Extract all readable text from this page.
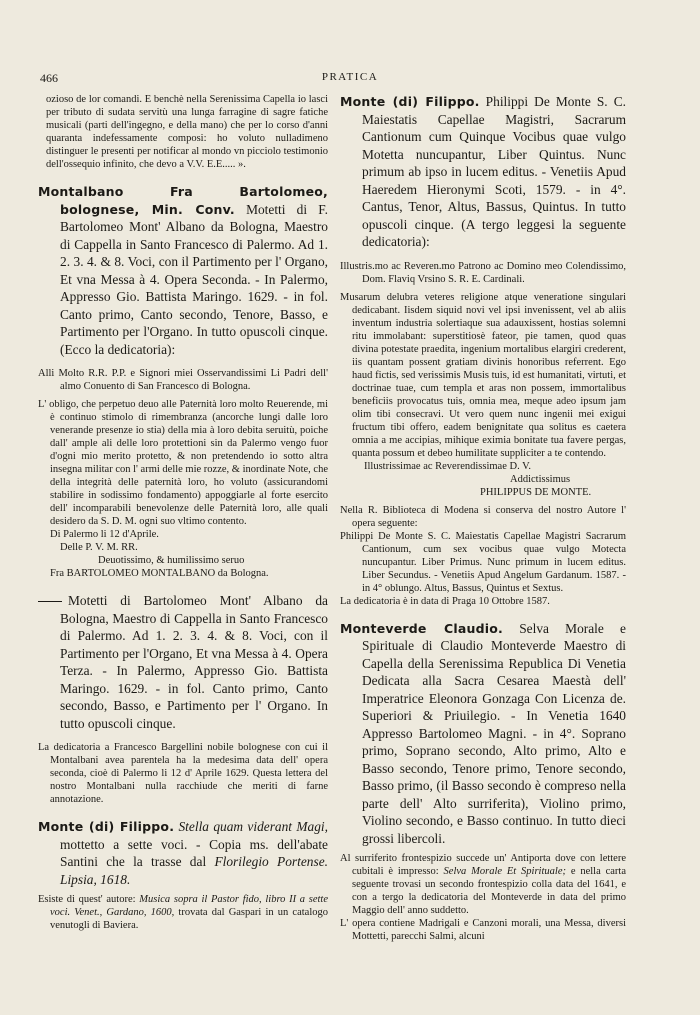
466	PRATICA

ozioso de lor comandi. E benchè nella Serenissima Capella io lasci per tributo di sudata servitù una lunga farragine di sagre fatiche musicali (parti dell'ingegno, e della mano) che per lo corso d'anni quaranta indefessamente composi: ho voluto nulladimeno distinguer le presenti per notificar al mondo vn picciolo testimonio dell'ossequio infinito, che devo a V.V. E.E..... ».

Montalbano Fra Bartolomeo, bolognese, Min. Conv. Motetti di F. Bartolomeo Mont' Albano da Bologna, Maestro di Cappella in Santo Francesco di Palermo. Ad 1. 2. 3. 4. & 8. Voci, con il Partimento per l' Organo, Et vna Messa à 4. Opera Seconda. - In Palermo, Appresso Gio. Battista Maringo. 1629. - in fol. Canto primo, Canto secondo, Tenore, Basso, e Partimento per l'Organo. In tutto opuscoli cinque. (Ecco la dedicatoria):

Alli Molto R.R. P.P. e Signori miei Osservandissimi Li Padri dell' almo Conuento di San Francesco di Bologna.

L' obligo, che perpetuo deuo alle Paternità loro molto Reuerende, mi è continuo stimolo di rimembranza (ancorche lungi dalle loro venerande presenze io stia) della mia à loro debita seruitù, poiche dall' ample ali delle loro protettioni sin da Palermo vengo fuor d'ogni mio merito protetto, & non pretendendo io sotto altra insegna militar con l' armi delle mie rozze, & inordinate Note, che della integrità delle paternità loro, ho voluto (assicurandomi stabilire in sodissimo fondamento) appoggiarle al forte esercito dell' incomparabili benevolenze delle Paternità loro, alle quali desidero da S. D. M. ogni suo vltimo contento.

Di Palermo li 12 d'Aprile.

Delle P. V. M. RR.

Deuotissimo, & humilissimo seruo

Fra BARTOLOMEO MONTALBANO da Bologna.

Motetti di Bartolomeo Mont' Albano da Bologna, Maestro di Cappella in Santo Francesco di Palermo. Ad 1. 2. 3. 4. & 8. Voci, con il Partimento per l'Organo, Et vna Messa à 4. Opera Terza. - In Palermo, Appresso Gio. Battista Maringo. 1629. - in fol. Canto primo, Canto secondo, Basso, e Partimento per l' Organo. In tutto opuscoli cinque.

La dedicatoria a Francesco Bargellini nobile bolognese con cui il Montalbani avea parentela ha la medesima data dell' opera seconda, cioè di Palermo li 12 d' Aprile 1629. Questa lettera del nostro Montalbani nulla racchiude che meriti di farne annotazione.

Monte (di) Filippo. Stella quam viderant Magi, mottetto a sette voci. - Copia ms. dell'abate Santini che la trasse dal Florilegio Portense. Lipsia, 1618.

Esiste di quest' autore: Musica sopra il Pastor fido, libro II a sette voci. Venet., Gardano, 1600, trovata dal Gaspari in un catalogo venutogli di Baviera.

Monte (di) Filippo. Philippi De Monte S. C. Maiestatis Capellae Magistri, Sacrarum Cantionum cum Quinque Vocibus quae vulgo Motetta nuncupantur, Liber Quintus. Nunc primum ab ipso in lucem editus. - Venetiis Apud Haeredem Hieronymi Scoti, 1579. - in 4°. Cantus, Tenor, Altus, Bassus, Quintus. In tutto opuscoli cinque. (A tergo leggesi la seguente dedicatoria):

Illustris.mo ac Reveren.mo Patrono ac Domino meo Colendissimo, Dom. Flaviq Vrsino S. R. E. Cardinali.

Musarum delubra veteres religione atque veneratione singulari dedicabant. Iisdem siquid novi vel ipsi invenissent, vel ab aliis inventum industria solertiaque sua adauxissent, hostias solemni ritu immolabant: superstitiosè fateor, pie tamen, quod quas divina potestate praedita, ingenium mortalibus elargiri crederent, iis quantam possent gratiam divinis honoribus referrent. Ego haud fictis, sed verissimis Musis tuis, id est humanitati, virtuti, et doctrinae tuae, cum templa et aras non possem, immortalibus beneficiis provocatus tuis, omnia mea, meque adeo ipsum jam olim tibi consecravi. Ut vero quem nunc ingenii mei exigui fructum tibi offero, eadem benignitate qua solitus es caetera omnia a me accipias, mihique eximia bonitate tua favere pergas, quanta possum et debeo humilitate suppliciter a te contendo.

Illustrissimae ac Reverendissimae D. V.

Addictissimus

PHILIPPUS DE MONTE.

Nella R. Biblioteca di Modena si conserva del nostro Autore l' opera seguente:

Philippi De Monte S. C. Maiestatis Capellae Magistri Sacrarum Cantionum, cum sex vocibus quae vulgo Motecta nuncupantur. Liber Primus. Nunc primum in lucem editus. Liber Secundus. - Venetiis Apud Angelum Gardanum. 1587. - in 4° oblungo. Altus, Bassus, Quintus et Sextus.

La dedicatoria è in data di Praga 10 Ottobre 1587.

Monteverde Claudio. Selva Morale e Spirituale di Claudio Monteverde Maestro di Capella della Serenissima Republica Di Venetia Dedicata alla Sacra Cesarea Maestà dell' Imperatrice Eleonora Gonzaga Con Licenza de. Superiori & Priuilegio. - In Venetia 1640 Appresso Bartolomeo Magni. - in 4°. Soprano primo, Soprano secondo, Alto primo, Alto e Basso secondo, Tenore primo, Tenore secondo, Basso primo, (il Basso secondo è compreso nella parte dell' Alto surriferita), Violino primo, Violino secondo, e Basso continuo. In tutto dieci grossi libercoli.

Al surriferito frontespizio succede un' Antiporta dove con lettere cubitali è impresso: Selva Morale Et Spirituale; e nella carta seguente trovasi un secondo frontespizio colla data del 1641, e con a tergo la dedicatoria del Monteverde in data del primo Maggio dell' anno suddetto.

L' opera contiene Madrigali e Canzoni morali, una Messa, diversi Mottetti, parecchi Salmi, alcuni
